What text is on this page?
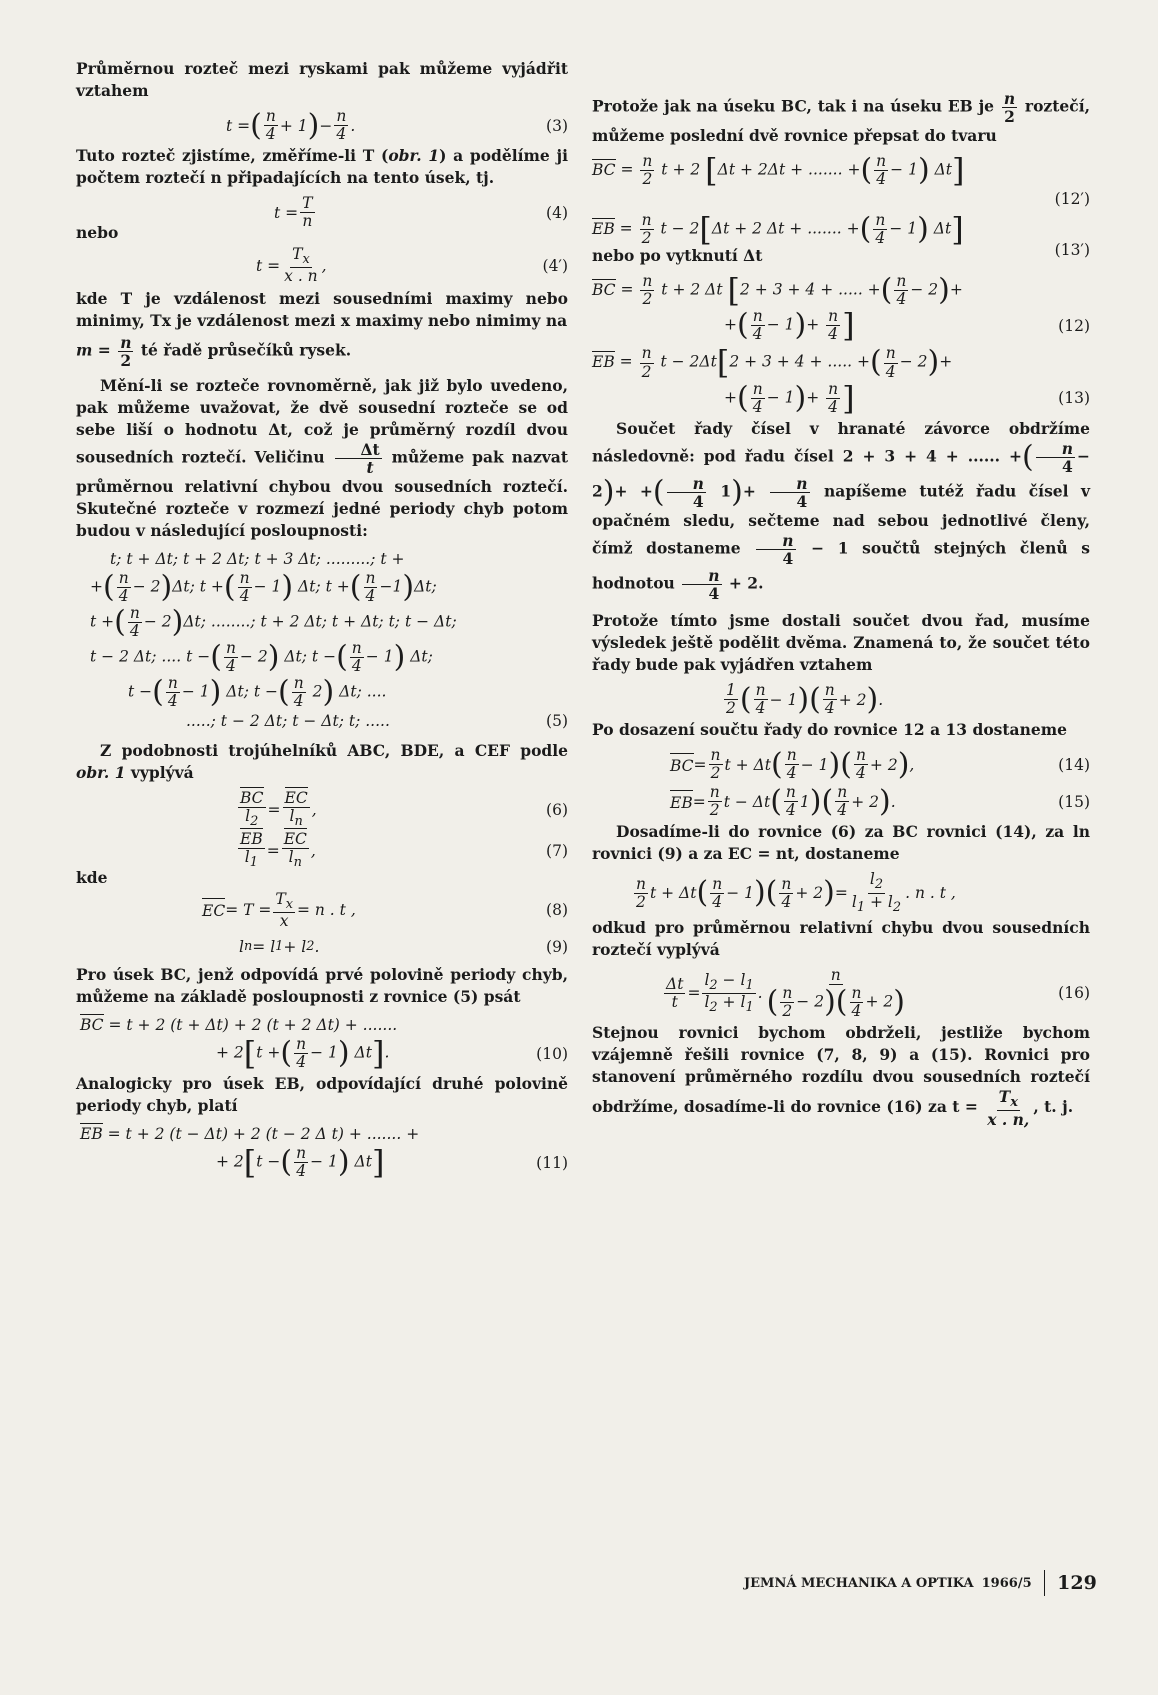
Průměrnou rozteč mezi ryskami pak můžeme vyjádřit vztahem

t = ( n
4 + 1 ) −
n
4 .	(3)

Tuto rozteč zjistíme, změříme-li T (obr. 1) a podělíme ji počtem roztečí n připadajících na tento úsek, tj.

t =
T
n	(4)

nebo

t =
$T_x$
x . n
,	(4′)

kde T je vzdálenost mezi sousedními maximy nebo minimy, Tx je vzdálenost mezi x maximy nebo nimimy na

$m = \frac{n}{2}$ té řadě průsečíků rysek.

Mění-li se rozteče rovnoměrně, jak již bylo uvedeno, pak můžeme uvažovat, že dvě sousední rozteče se od sebe liší o hodnotu Δt, což je průměrný rozdíl dvou sousedních roztečí. Veličinu $\frac{\Delta t}{t}$ můžeme pak nazvat průměrnou relativní chybou dvou sousedních roztečí. Skutečné rozteče v rozmezí jedné periody chyb potom budou v následující posloupnosti:

t; t + Δt; t + 2 Δt; t + 3 Δt; .........; t +
+( $\frac{n}{4} - 2)\Delta t$; t +( $\frac{n}{4} - 1$) Δt; t +( $\frac{n}{4} -1)\Delta t$;
t +( $\frac{n}{4} - 2)\Delta t$; ........; t + 2 Δt; t + Δt; t; t − Δt;
t − 2 Δt; .... t −( $\frac{n}{4} - 2$) Δt; t −( $\frac{n}{4} - 1$) Δt;
t −( $\frac{n}{4} - 1$) Δt; t −( $\frac{n}{4} 2$) Δt; ....
.....; t − 2 Δt; t − Δt; t; .....	(5)

Z podobnosti trojúhelníků ABC, BDE, a CEF podle obr. 1 vyplývá

BC
$l_2$
=
EC
$l_n$
,	(6)
EB
$l_1$
=
EC
$l_n$
,	(7)

kde

EC = T =
$T_x$
x
= n . t ,	(8)
l n = l 1 + l 2 .	(9)

Pro úsek BC, jenž odpovídá prvé polovině periody chyb, můžeme na základě posloupnosti z rovnice (5) psát

BC = t + 2 (t + Δt) + 2 (t + 2 Δt) + .......
+ 2[t +( $\frac{n}{4} - 1$) Δt].	(10)

Analogicky pro úsek EB, odpovídající druhé polovině periody chyb, platí

EB = t + 2 (t − Δt) + 2 (t − 2 Δ t) + ....... +
+ 2[t −( $\frac{n}{4} - 1$) Δt]	(11)

Protože jak na úseku BC, tak i na úseku EB je $\frac{n}{2}$ roztečí, můžeme poslední dvě rovnice přepsat do tvaru

BC = $\frac{n}{2}$ t + 2 [Δt + 2Δt + ....... +( $\frac{n}{4} - 1$) Δt]
(12′)
EB = $\frac{n}{2}$ t − 2[Δt + 2 Δt + ....... +( $\frac{n}{4} - 1$) Δt]
(13′)

nebo po vytknutí Δt

BC = $\frac{n}{2}$ t + 2 Δt [2 + 3 + 4 + ..... +( $\frac{n}{4} - 2)+$
+( $\frac{n}{4} - 1)+ \frac{n}{4}$ ]	(12)
EB = $\frac{n}{2}$ t − 2Δt[2 + 3 + 4 + ..... +( $\frac{n}{4} - 2)+$
+( $\frac{n}{4} - 1)+ \frac{n}{4}$ ]	(13)

Součet řady čísel v hranaté závorce obdržíme následovně: pod řadu čísel 2 + 3 + 4 + ...... +( $\frac{n}{4} - 2)+$ +( $\frac{n}{4} 1)+ \frac{n}{4}$ napíšeme tutéž řadu čísel v opačném sledu, sečteme nad sebou jednotlivé členy, čímž dostaneme $\frac{n}{4} - 1$ součtů stejných členů s hodnotou $\frac{n}{4} + 2$.

Protože tímto jsme dostali součet dvou řad, musíme výsledek ještě podělit dvěma. Znamená to, že součet této řady bude pak vyjádřen vztahem

1
2 ( n
4 − 1 )( n
4 + 2 ) .

Po dosazení součtu řady do rovnice 12 a 13 dostaneme

BC =
n
2 t + Δt ( n
4 − 1 )( n
4 + 2 ) ,	(14)
EB =
n
2 t − Δt ( n
4 1 )( n
4 + 2 ) .	(15)

Dosadíme-li do rovnice (6) za BC rovnici (14), za ln rovnici (9) a za EC = nt, dostaneme

n
2 t + Δt ( n
4 − 1 )( n
4 + 2 ) =
$l_2$
$l_1 + l_2$
. n . t ,

odkud pro průměrnou relativní chybu dvou sousedních roztečí vyplývá

Δt
t =
$l_2 - l_1$
$l_2 + l_1$
.
n
( $\frac{n}{2} - 2)( \frac{n}{4} + 2)$	(16)

Stejnou rovnici bychom obdrželi, jestliže bychom vzájemně řešili rovnice (7, 8, 9) a (15). Rovnici pro stanovení průměrného rozdílu dvou sousedních roztečí obdržíme, dosadíme-li do rovnice (16) za $t = \frac{T_x}{x . n,}$ , t. j.

JEMNÁ MECHANIKA A OPTIKA 1966/5 129
